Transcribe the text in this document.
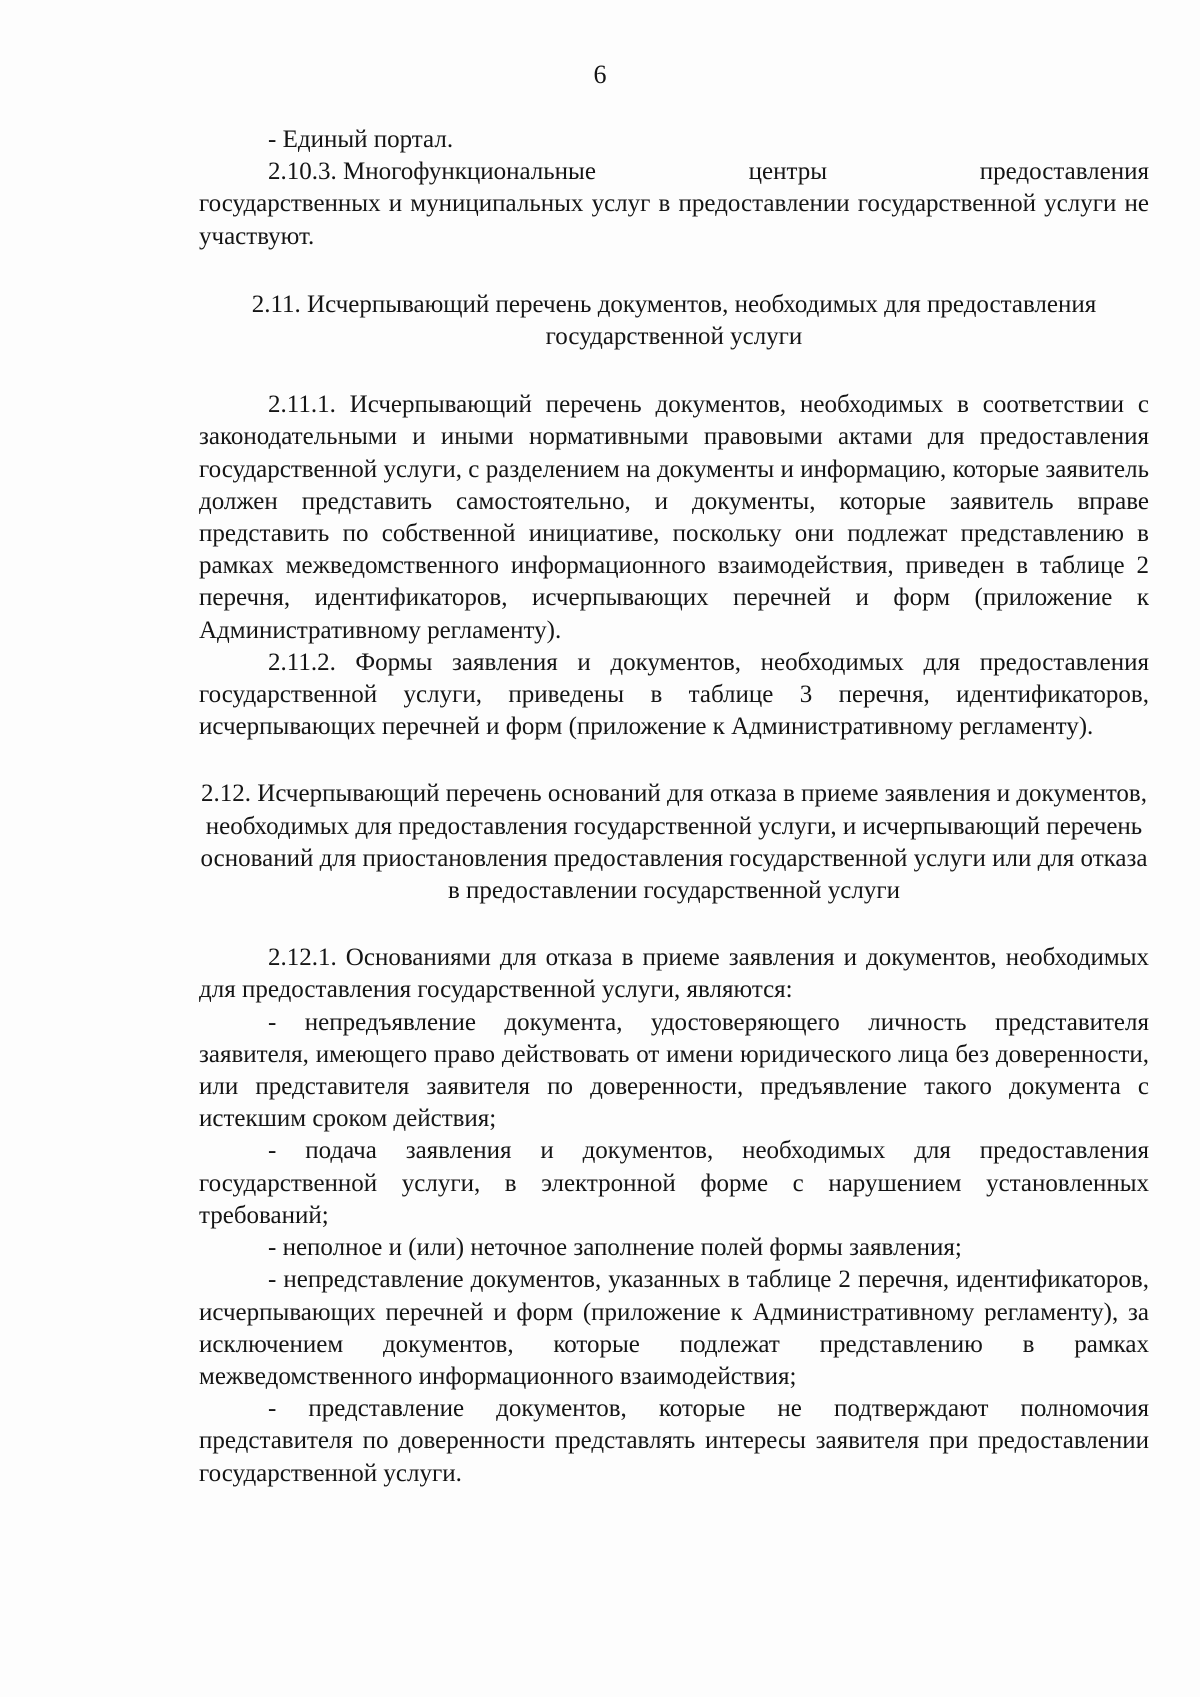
6

- Единый портал.

2.10.3. Многофункциональные	центры	предоставления

государственных и муниципальных услуг в предоставлении государственной услуги не участвуют.

2.11. Исчерпывающий перечень документов, необходимых для предоставления государственной услуги

2.11.1. Исчерпывающий перечень документов, необходимых в соответствии с законодательными и иными нормативными правовыми актами для предоставления государственной услуги, с разделением на документы и информацию, которые заявитель должен представить самостоятельно, и документы, которые заявитель вправе представить по собственной инициативе, поскольку они подлежат представлению в рамках межведомственного информационного взаимодействия, приведен в таблице 2 перечня, идентификаторов, исчерпывающих перечней и форм (приложение к Административному регламенту).

2.11.2. Формы заявления и документов, необходимых для предоставления государственной услуги, приведены в таблице 3 перечня, идентификаторов, исчерпывающих перечней и форм (приложение к Административному регламенту).

2.12. Исчерпывающий перечень оснований для отказа в приеме заявления и документов, необходимых для предоставления государственной услуги, и исчерпывающий перечень оснований для приостановления предоставления государственной услуги или для отказа в предоставлении государственной услуги

2.12.1. Основаниями для отказа в приеме заявления и документов, необходимых для предоставления государственной услуги, являются:

- непредъявление документа, удостоверяющего личность представителя заявителя, имеющего право действовать от имени юридического лица без доверенности, или представителя заявителя по доверенности, предъявление такого документа с истекшим сроком действия;

- подача заявления и документов, необходимых для предоставления государственной услуги, в электронной форме с нарушением установленных требований;

- неполное и (или) неточное заполнение полей формы заявления;

- непредставление документов, указанных в таблице 2 перечня, идентификаторов, исчерпывающих перечней и форм (приложение к Административному регламенту), за исключением документов, которые подлежат представлению в рамках межведомственного информационного взаимодействия;

- представление документов, которые не подтверждают полномочия представителя по доверенности представлять интересы заявителя при предоставлении государственной услуги.
